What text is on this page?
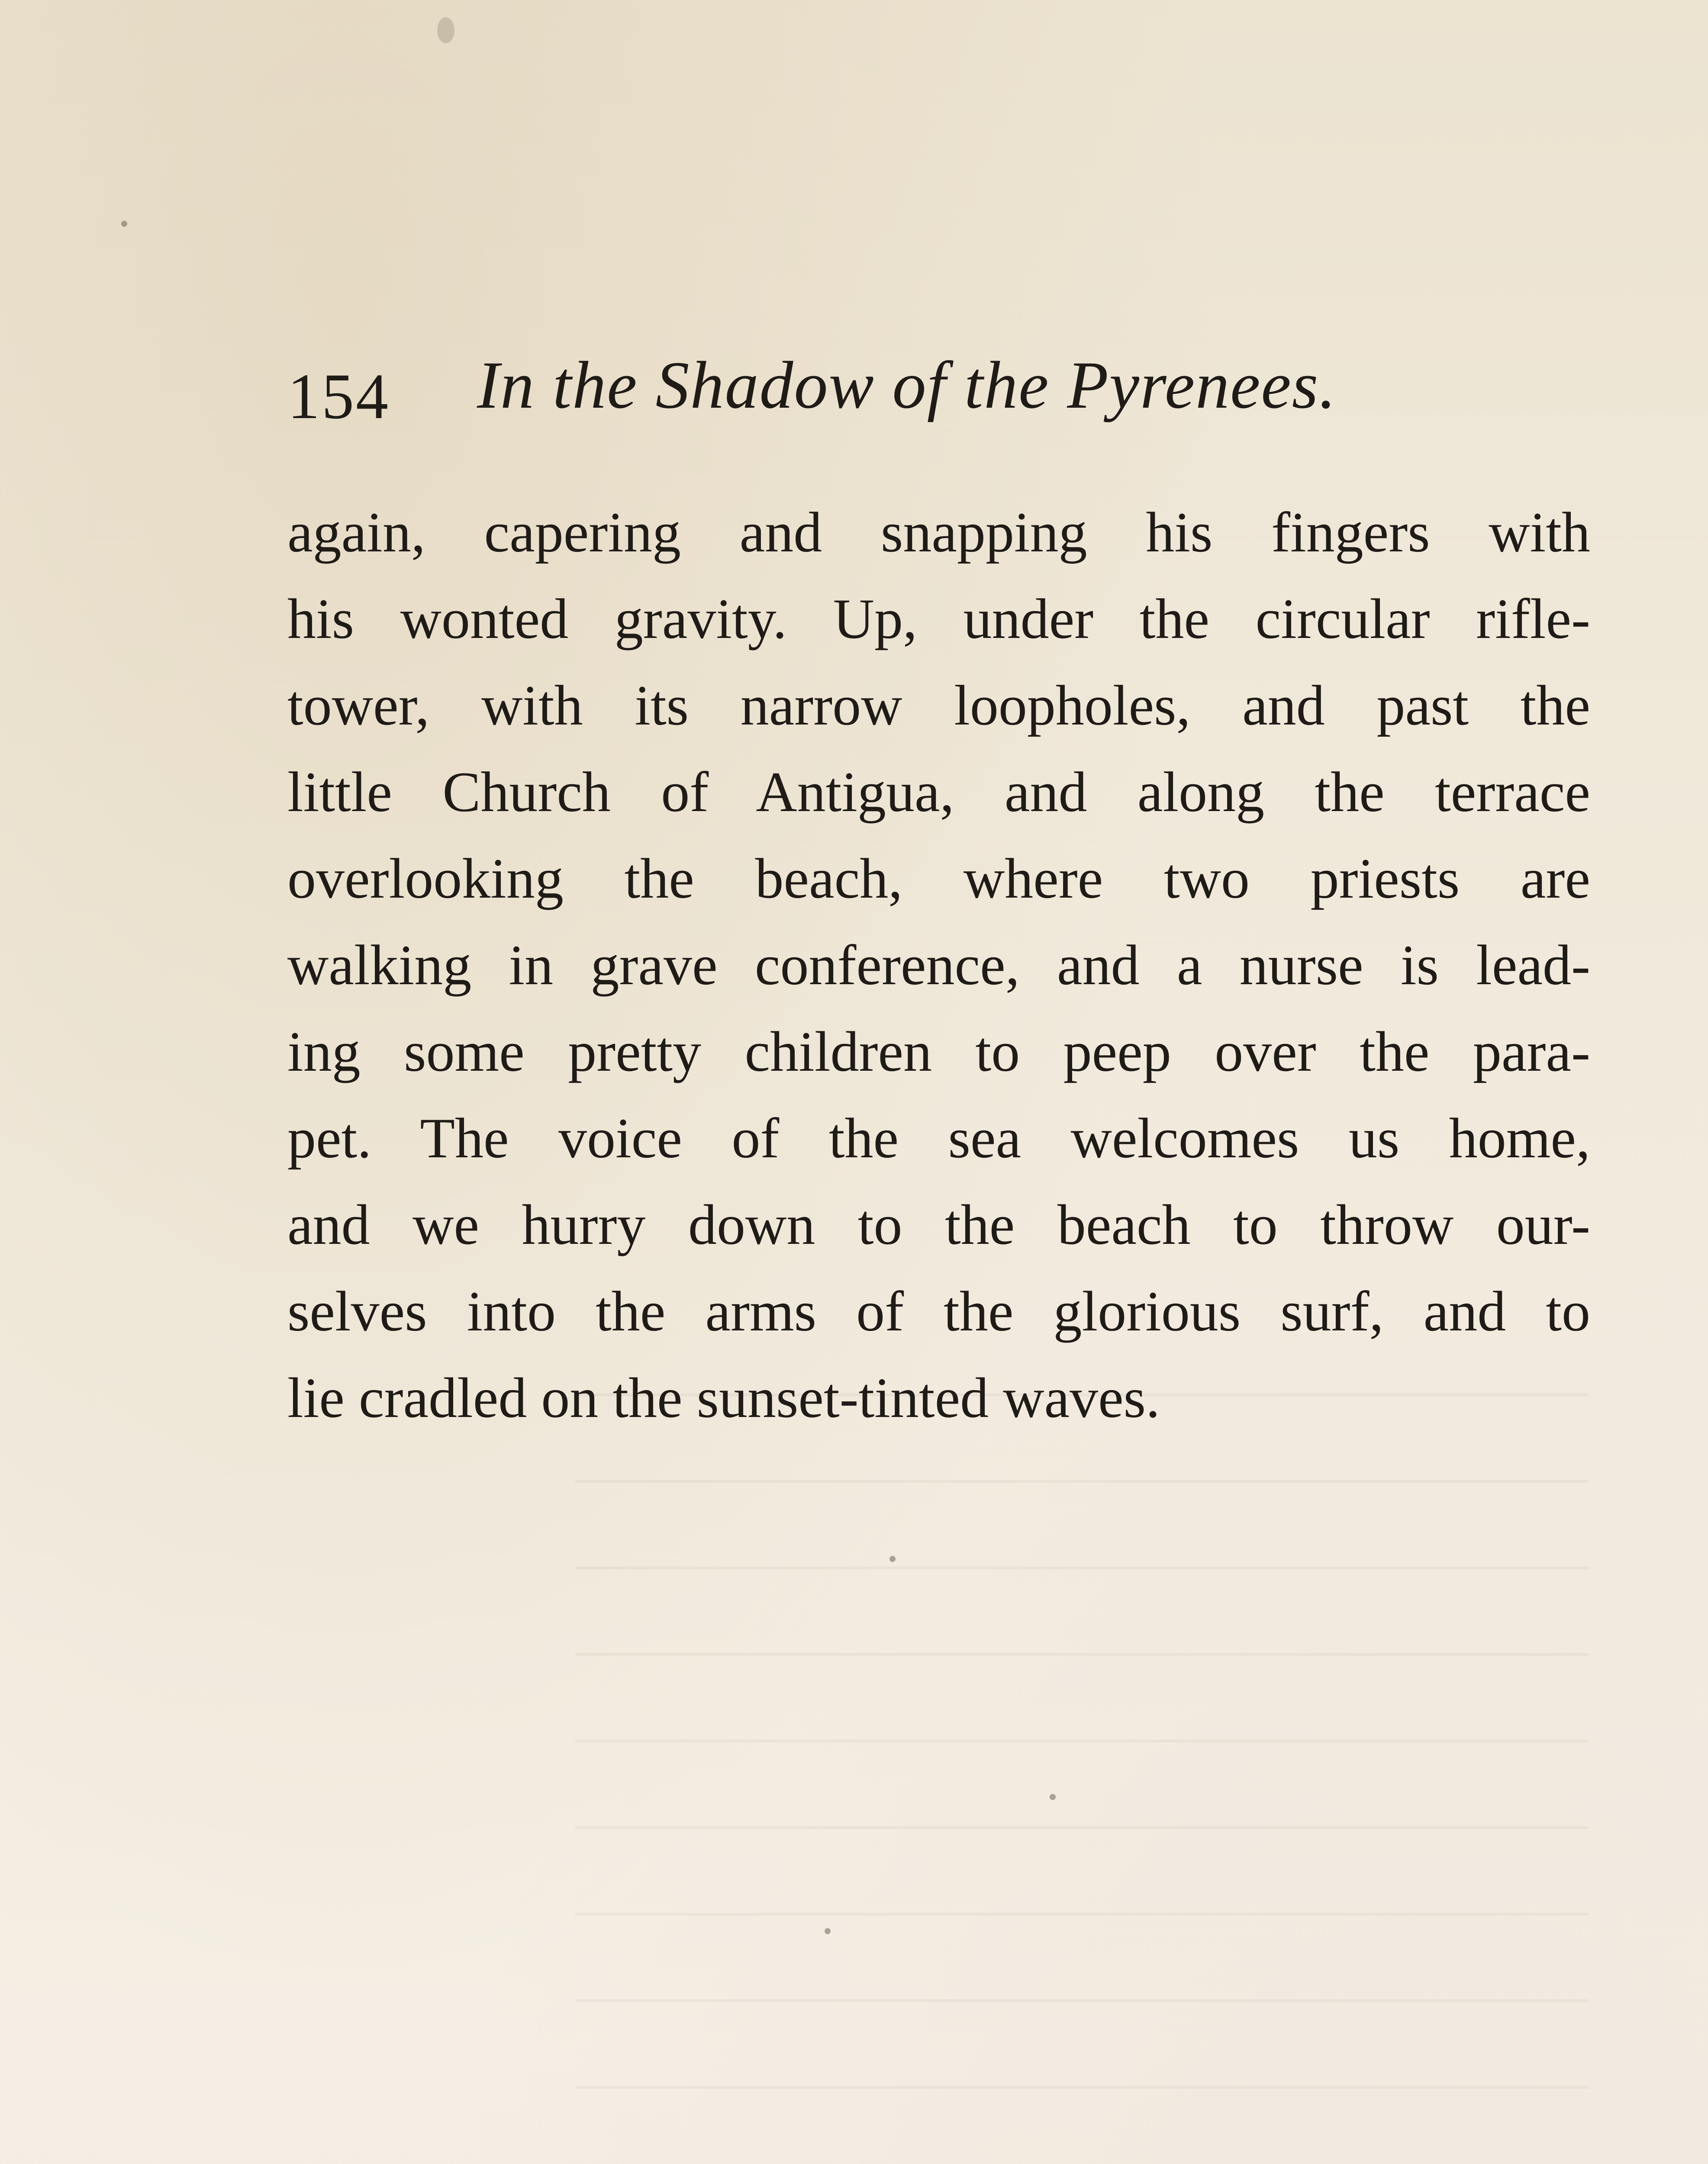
154 In the Shadow of the Pyrenees.
again, capering and snapping his fingers with
his wonted gravity. Up, under the circular rifle-
tower, with its narrow loopholes, and past the
little Church of Antigua, and along the terrace
overlooking the beach, where two priests are
walking in grave conference, and a nurse is lead-
ing some pretty children to peep over the para-
pet. The voice of the sea welcomes us home,
and we hurry down to the beach to throw our-
selves into the arms of the glorious surf, and to
lie cradled on the sunset-tinted waves.
